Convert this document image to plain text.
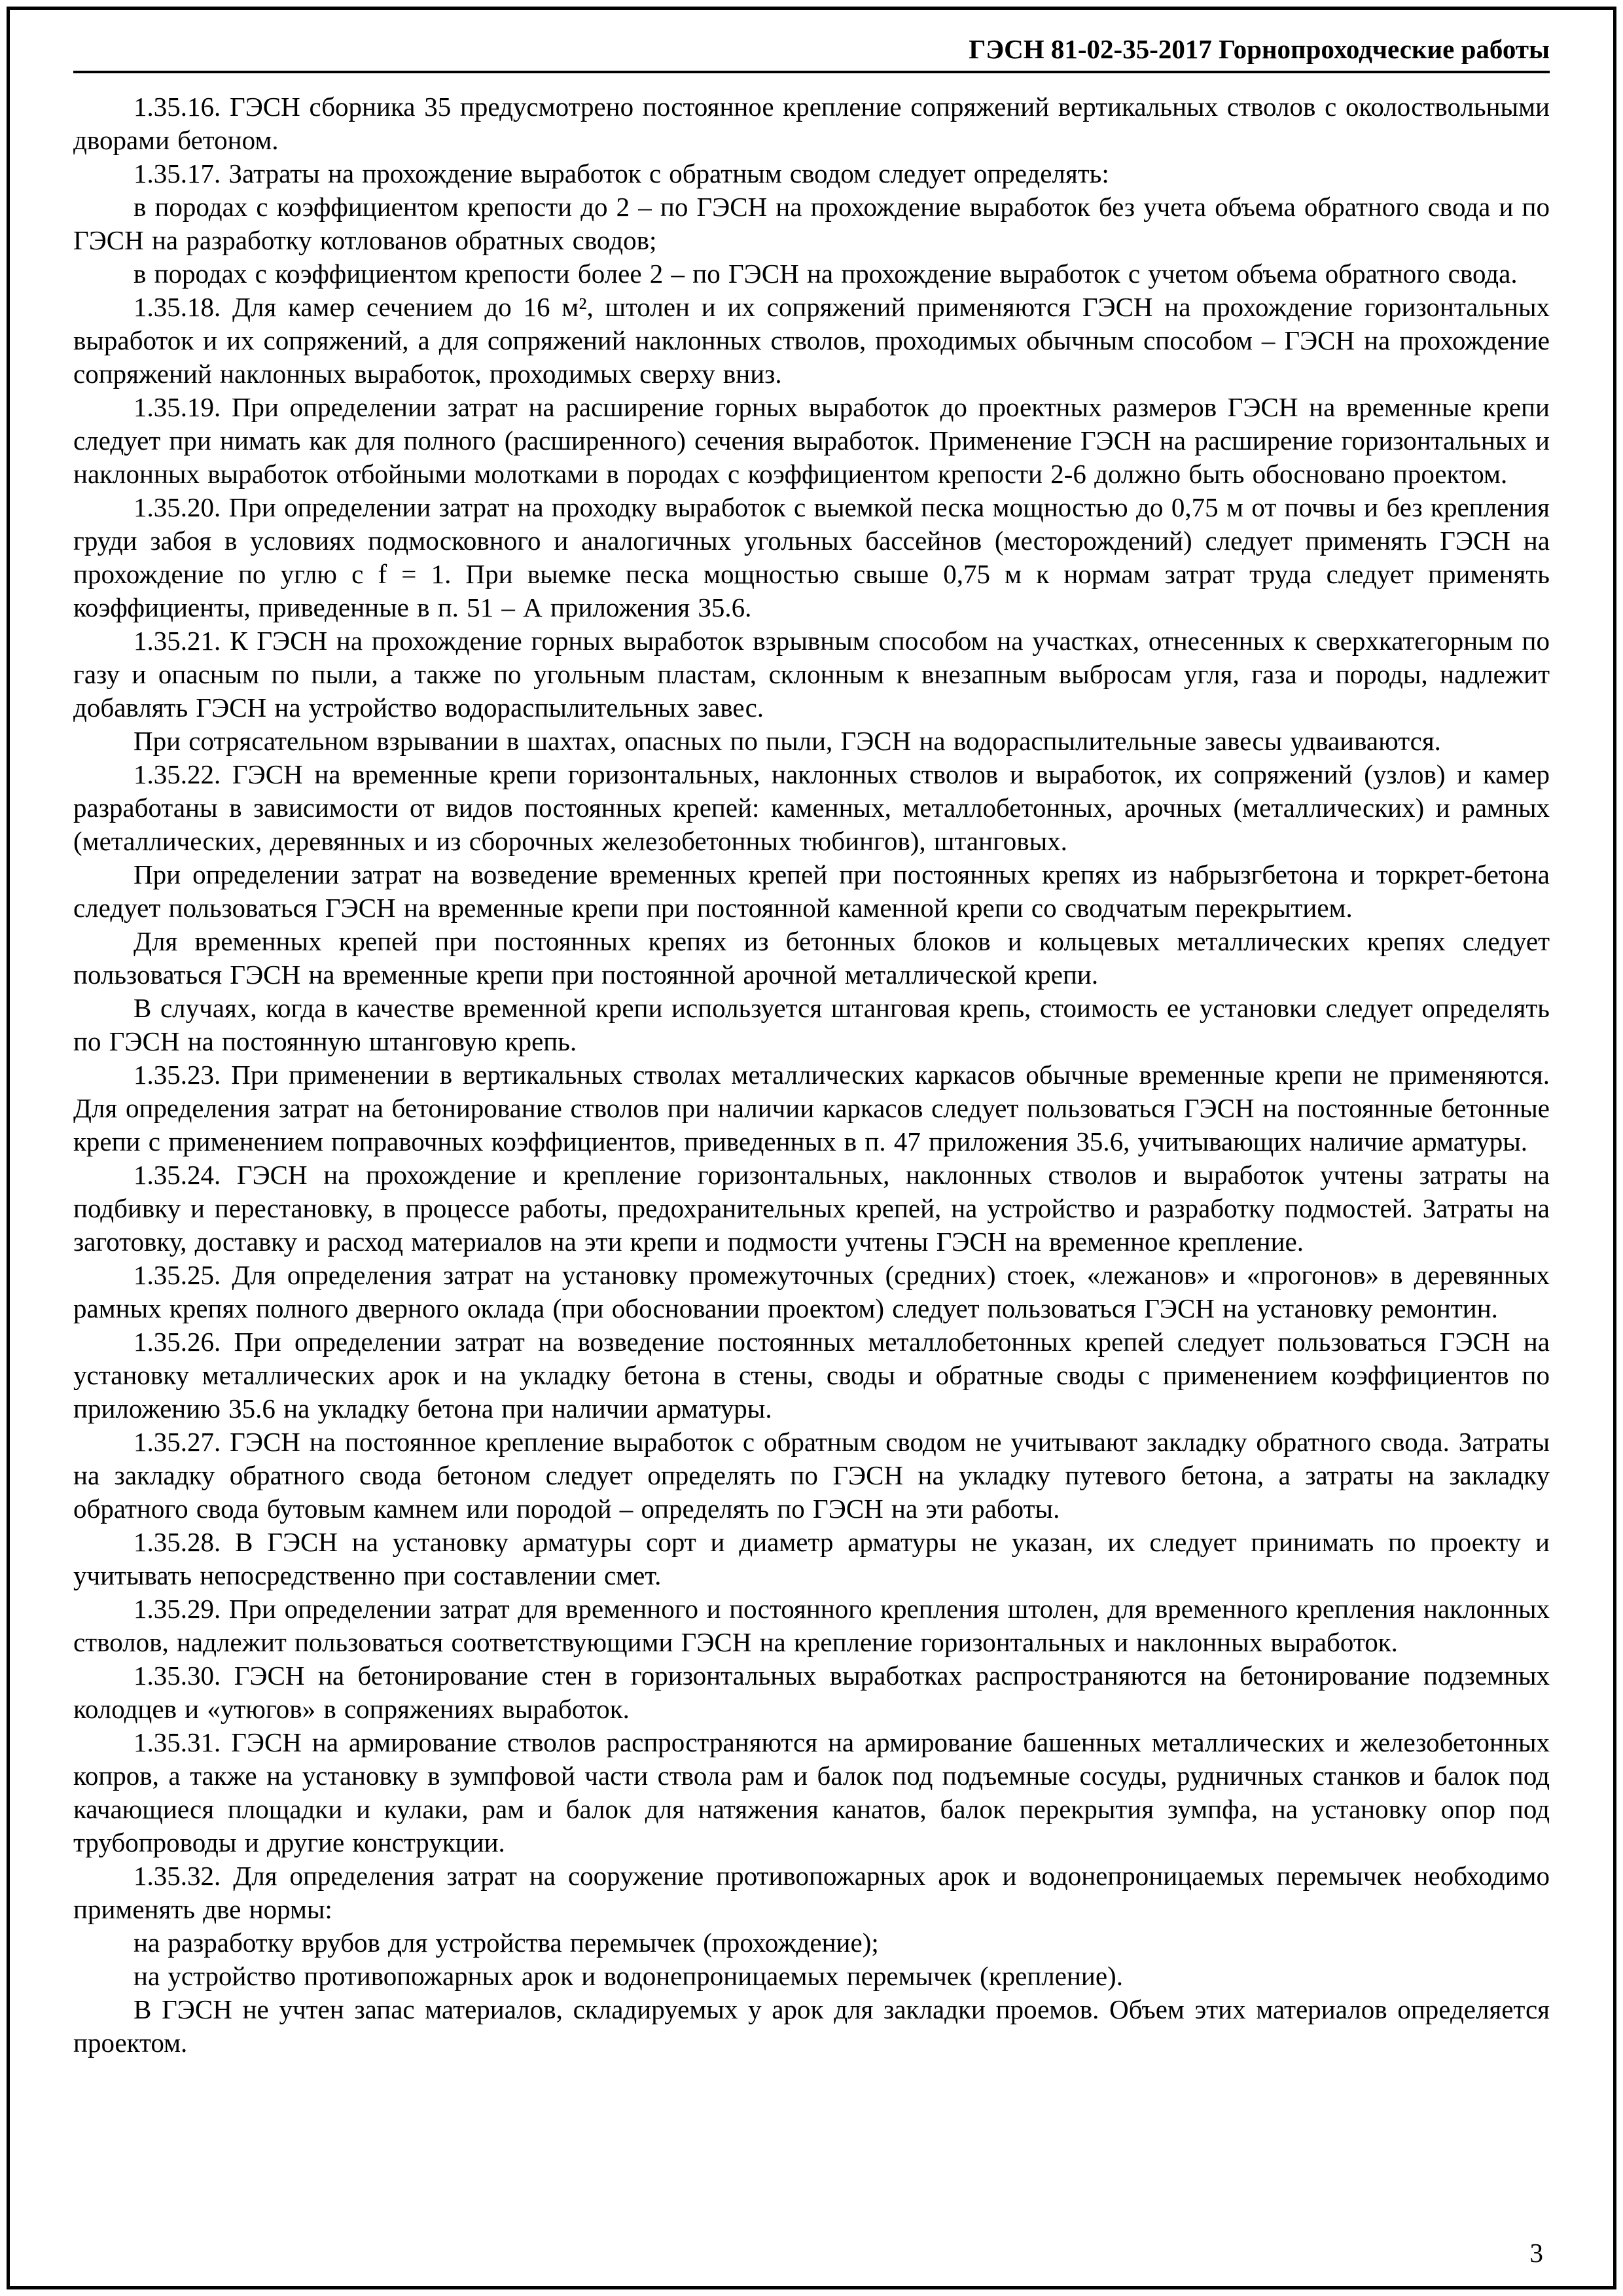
ГЭСН 81-02-35-2017 Горнопроходческие работы

1.35.16. ГЭСН сборника 35 предусмотрено постоянное крепление сопряжений вертикальных стволов с околоствольными дворами бетоном.

1.35.17. Затраты на прохождение выработок с обратным сводом следует определять:

в породах с коэффициентом крепости до 2 – по ГЭСН на прохождение выработок без учета объема обратного свода и по ГЭСН на разработку котлованов обратных сводов;

в породах с коэффициентом крепости более 2 – по ГЭСН на прохождение выработок с учетом объема обратного свода.

1.35.18. Для камер сечением до 16 м², штолен и их сопряжений применяются ГЭСН на прохождение горизонтальных выработок и их сопряжений, а для сопряжений наклонных стволов, проходимых обычным способом – ГЭСН на прохождение сопряжений наклонных выработок, проходимых сверху вниз.

1.35.19. При определении затрат на расширение горных выработок до проектных размеров ГЭСН на временные крепи следует при нимать как для полного (расширенного) сечения выработок. Применение ГЭСН на расширение горизонтальных и наклонных выработок отбойными молотками в породах с коэффициентом крепости 2-6 должно быть обосновано проектом.

1.35.20. При определении затрат на проходку выработок с выемкой песка мощностью до 0,75 м от почвы и без крепления груди забоя в условиях подмосковного и аналогичных угольных бассейнов (месторождений) следует применять ГЭСН на прохождение по углю с f = 1. При выемке песка мощностью свыше 0,75 м к нормам затрат труда следует применять коэффициенты, приведенные в п. 51 – А приложения 35.6.

1.35.21. К ГЭСН на прохождение горных выработок взрывным способом на участках, отнесенных к сверхкатегорным по газу и опасным по пыли, а также по угольным пластам, склонным к внезапным выбросам угля, газа и породы, надлежит добавлять ГЭСН на устройство водораспылительных завес.

При сотрясательном взрывании в шахтах, опасных по пыли, ГЭСН на водораспылительные завесы удваиваются.

1.35.22. ГЭСН на временные крепи горизонтальных, наклонных стволов и выработок, их сопряжений (узлов) и камер разработаны в зависимости от видов постоянных крепей: каменных, металлобетонных, арочных (металлических) и рамных (металлических, деревянных и из сборочных железобетонных тюбингов), штанговых.

При определении затрат на возведение временных крепей при постоянных крепях из набрызгбетона и торкрет-бетона следует пользоваться ГЭСН на временные крепи при постоянной каменной крепи со сводчатым перекрытием.

Для временных крепей при постоянных крепях из бетонных блоков и кольцевых металлических крепях следует пользоваться ГЭСН на временные крепи при постоянной арочной металлической крепи.

В случаях, когда в качестве временной крепи используется штанговая крепь, стоимость ее установки следует определять по ГЭСН на постоянную штанговую крепь.

1.35.23. При применении в вертикальных стволах металлических каркасов обычные временные крепи не применяются. Для определения затрат на бетонирование стволов при наличии каркасов следует пользоваться ГЭСН на постоянные бетонные крепи с применением поправочных коэффициентов, приведенных в п. 47 приложения 35.6, учитывающих наличие арматуры.

1.35.24. ГЭСН на прохождение и крепление горизонтальных, наклонных стволов и выработок учтены затраты на подбивку и перестановку, в процессе работы, предохранительных крепей, на устройство и разработку подмостей. Затраты на заготовку, доставку и расход материалов на эти крепи и подмости учтены ГЭСН на временное крепление.

1.35.25. Для определения затрат на установку промежуточных (средних) стоек, «лежанов» и «прогонов» в деревянных рамных крепях полного дверного оклада (при обосновании проектом) следует пользоваться ГЭСН на установку ремонтин.

1.35.26. При определении затрат на возведение постоянных металлобетонных крепей следует пользоваться ГЭСН на установку металлических арок и на укладку бетона в стены, своды и обратные своды с применением коэффициентов по приложению 35.6 на укладку бетона при наличии арматуры.

1.35.27. ГЭСН на постоянное крепление выработок с обратным сводом не учитывают закладку обратного свода. Затраты на закладку обратного свода бетоном следует определять по ГЭСН на укладку путевого бетона, а затраты на закладку обратного свода бутовым камнем или породой – определять по ГЭСН на эти работы.

1.35.28. В ГЭСН на установку арматуры сорт и диаметр арматуры не указан, их следует принимать по проекту и учитывать непосредственно при составлении смет.

1.35.29. При определении затрат для временного и постоянного крепления штолен, для временного крепления наклонных стволов, надлежит пользоваться соответствующими ГЭСН на крепление горизонтальных и наклонных выработок.

1.35.30. ГЭСН на бетонирование стен в горизонтальных выработках распространяются на бетонирование подземных колодцев и «утюгов» в сопряжениях выработок.

1.35.31. ГЭСН на армирование стволов распространяются на армирование башенных металлических и железобетонных копров, а также на установку в зумпфовой части ствола рам и балок под подъемные сосуды, рудничных станков и балок под качающиеся площадки и кулаки, рам и балок для натяжения канатов, балок перекрытия зумпфа, на установку опор под трубопроводы и другие конструкции.

1.35.32. Для определения затрат на сооружение противопожарных арок и водонепроницаемых перемычек необходимо применять две нормы:

на разработку врубов для устройства перемычек (прохождение);

на устройство противопожарных арок и водонепроницаемых перемычек (крепление).

В ГЭСН не учтен запас материалов, складируемых у арок для закладки проемов. Объем этих материалов определяется проектом.

3
